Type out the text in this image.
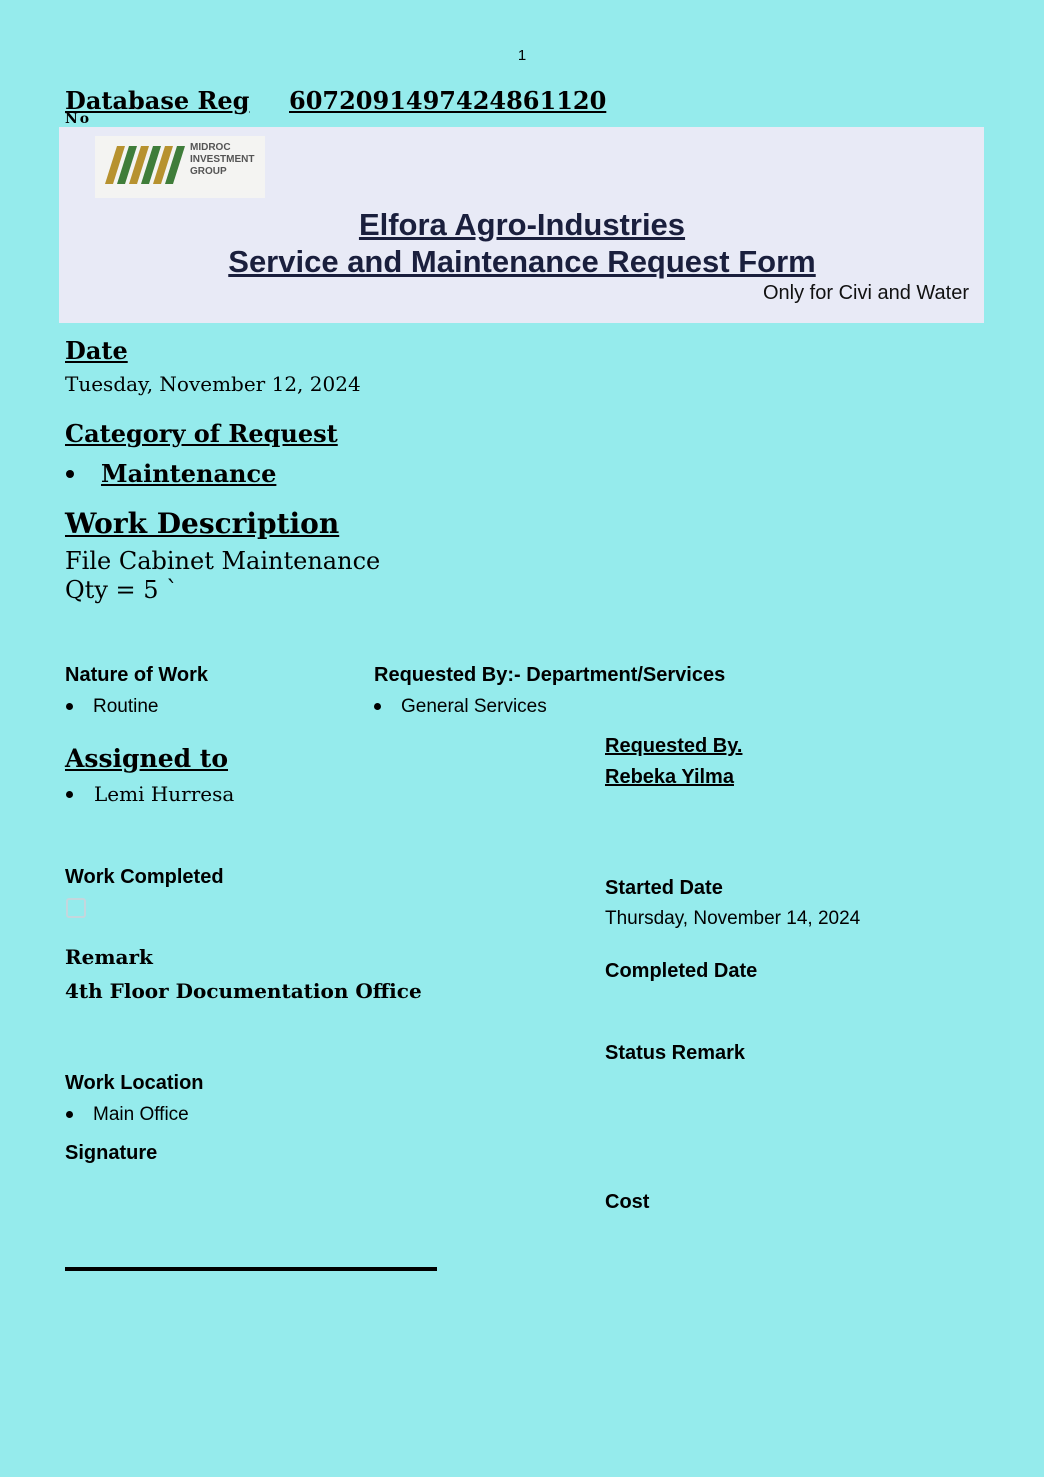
1
Database Reg 6072091497424861120
No
MIDROC
INVESTMENT
GROUP
Elfora Agro-Industries
Service and Maintenance Request Form
Only for Civi and Water
Date
Tuesday, November 12, 2024
Category of Request
Maintenance
Work Description
File Cabinet Maintenance
Qty = 5 `
Nature of Work
Routine
Requested By:- Department/Services
General Services
Assigned to
Lemi Hurresa
Requested By.
Rebeka Yilma
Work Completed	Started Date
Thursday, November 14, 2024
Remark
4th Floor Documentation Office
Completed Date
Status Remark
Work Location
Main Office
Signature
Cost
